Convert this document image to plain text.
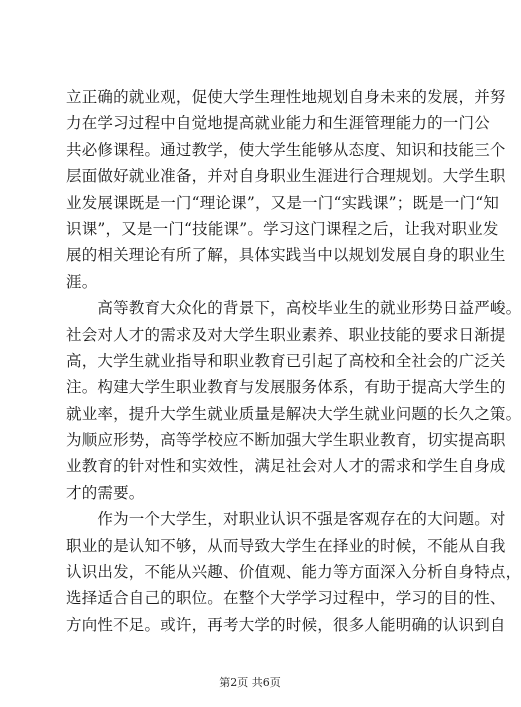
立正确的就业观，促使大学生理性地规划自身未来的发展，并努
力在学习过程中自觉地提高就业能力和生涯管理能力的一门公
共必修课程。通过教学，使大学生能够从态度、知识和技能三个
层面做好就业准备，并对自身职业生涯进行合理规划。大学生职
业发展课既是一门“理论课”，又是一门“实践课”；既是一门“知
识课”，又是一门“技能课”。学习这门课程之后，让我对职业发
展的相关理论有所了解，具体实践当中以规划发展自身的职业生
涯。
　　高等教育大众化的背景下，高校毕业生的就业形势日益严峻。
社会对人才的需求及对大学生职业素养、职业技能的要求日渐提
高，大学生就业指导和职业教育已引起了高校和全社会的广泛关
注。构建大学生职业教育与发展服务体系，有助于提高大学生的
就业率，提升大学生就业质量是解决大学生就业问题的长久之策。
为顺应形势，高等学校应不断加强大学生职业教育，切实提高职
业教育的针对性和实效性，满足社会对人才的需求和学生自身成
才的需要。
　　作为一个大学生，对职业认识不强是客观存在的大问题。对
职业的是认知不够，从而导致大学生在择业的时候，不能从自我
认识出发，不能从兴趣、价值观、能力等方面深入分析自身特点，
选择适合自己的职位。在整个大学学习过程中，学习的目的性、
方向性不足。或许，再考大学的时候，很多人能明确的认识到自
第2页 共6页
